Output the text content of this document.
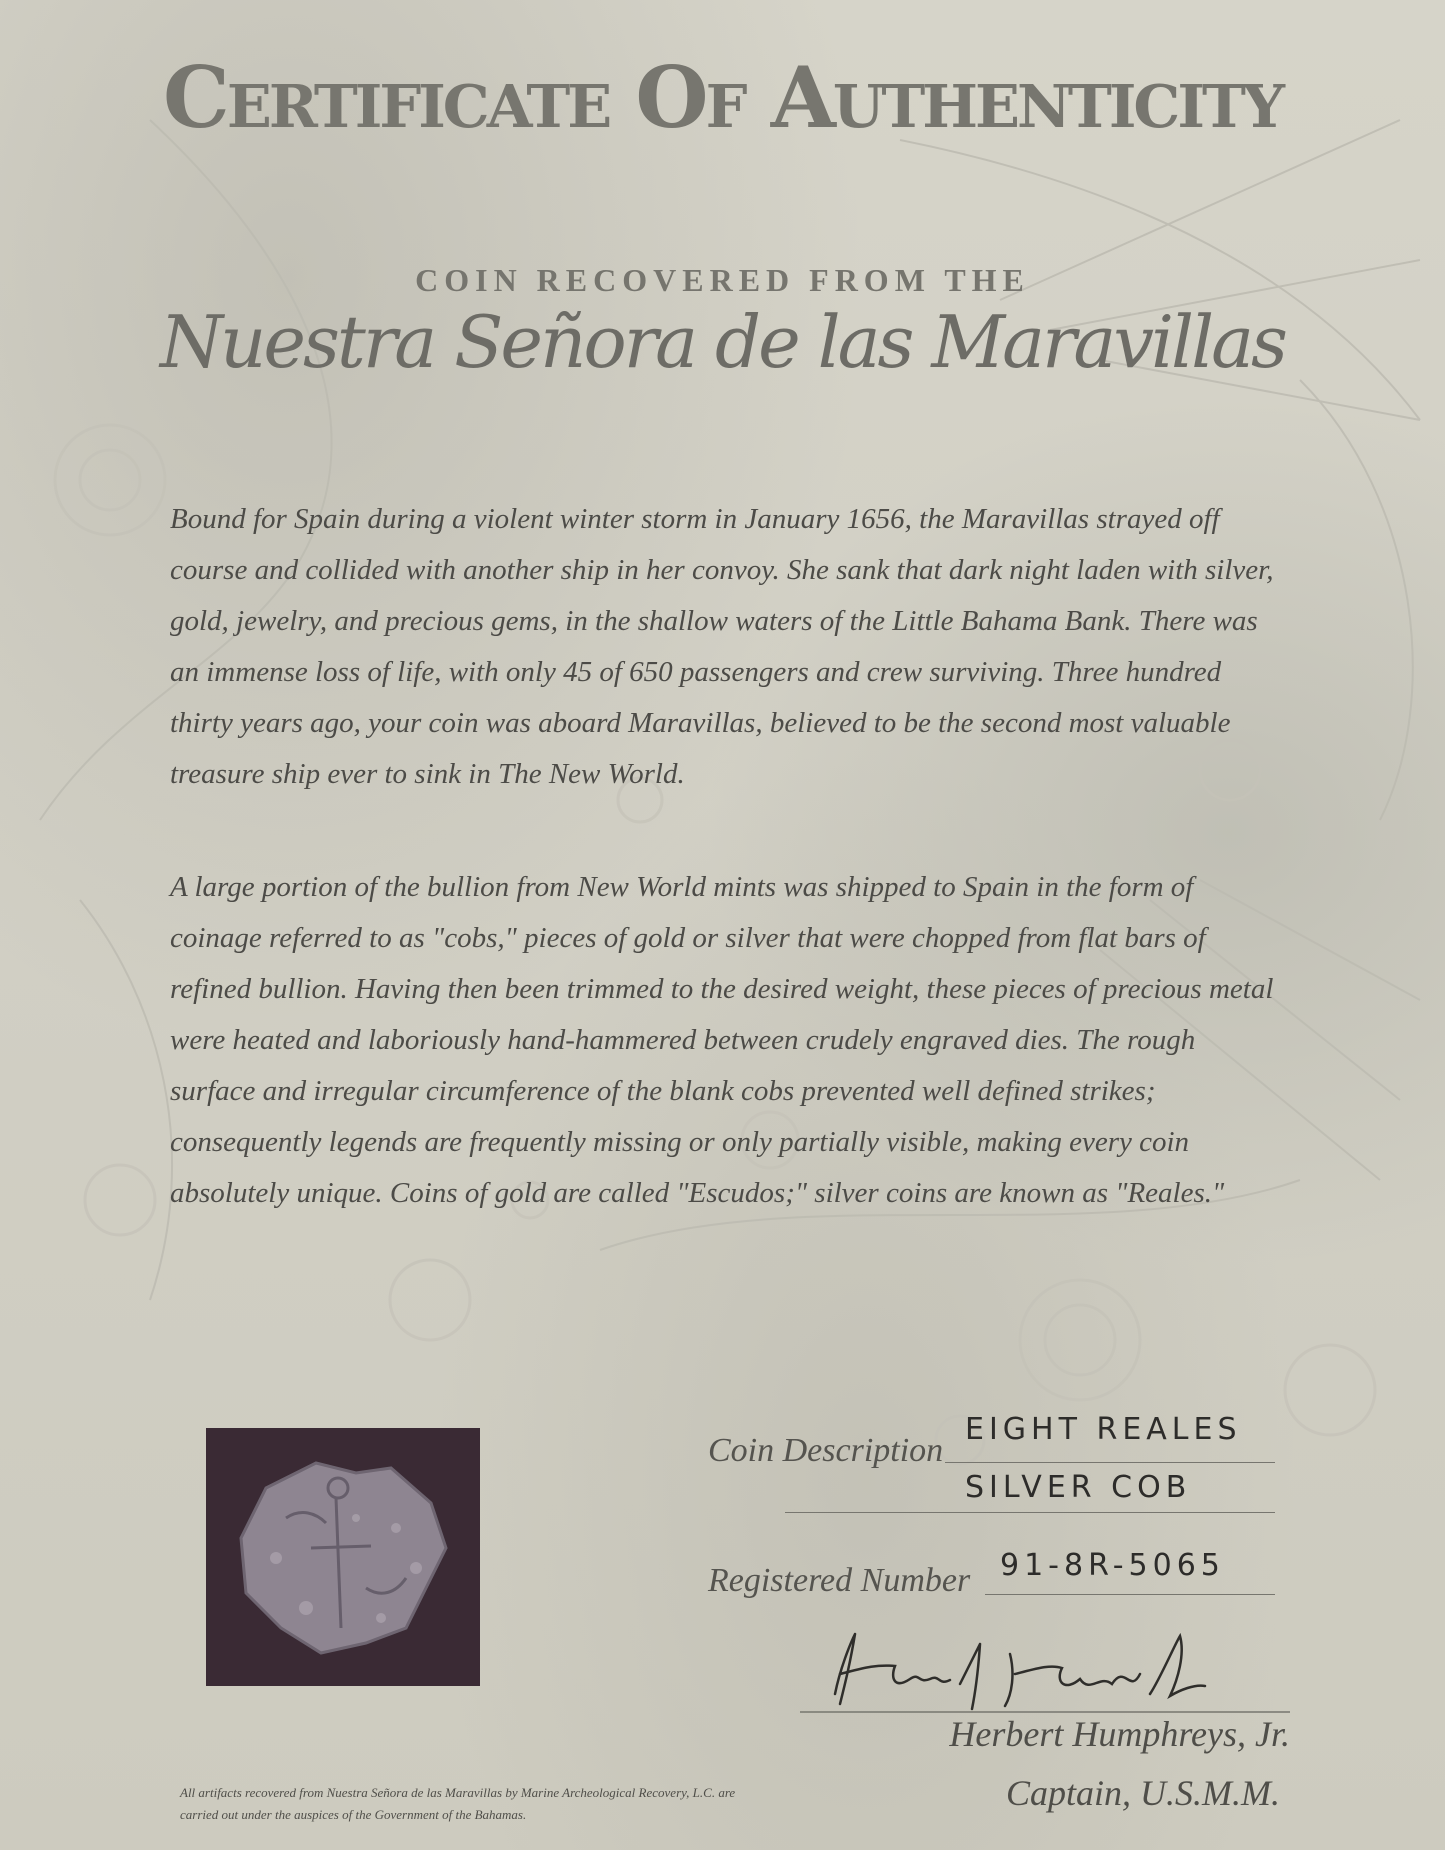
Certificate Of Authenticity
COIN RECOVERED FROM THE
Nuestra Señora de las Maravillas
Bound for Spain during a violent winter storm in January 1656, the Maravillas strayed off course and collided with another ship in her convoy. She sank that dark night laden with silver, gold, jewelry, and precious gems, in the shallow waters of the Little Bahama Bank. There was an immense loss of life, with only 45 of 650 passengers and crew surviving. Three hundred thirty years ago, your coin was aboard Maravillas, believed to be the second most valuable treasure ship ever to sink in The New World.
A large portion of the bullion from New World mints was shipped to Spain in the form of coinage referred to as "cobs," pieces of gold or silver that were chopped from flat bars of refined bullion. Having then been trimmed to the desired weight, these pieces of precious metal were heated and laboriously hand-hammered between crudely engraved dies. The rough surface and irregular circumference of the blank cobs prevented well defined strikes; consequently legends are frequently missing or only partially visible, making every coin absolutely unique. Coins of gold are called "Escudos;" silver coins are known as "Reales."
Coin Description
EIGHT REALES
SILVER COB
Registered Number 91-8R-5065
Herbert Humphreys, Jr.
Captain, U.S.M.M.
All artifacts recovered from Nuestra Señora de las Maravillas by Marine Archeological Recovery, L.C. are carried out under the auspices of the Government of the Bahamas.
